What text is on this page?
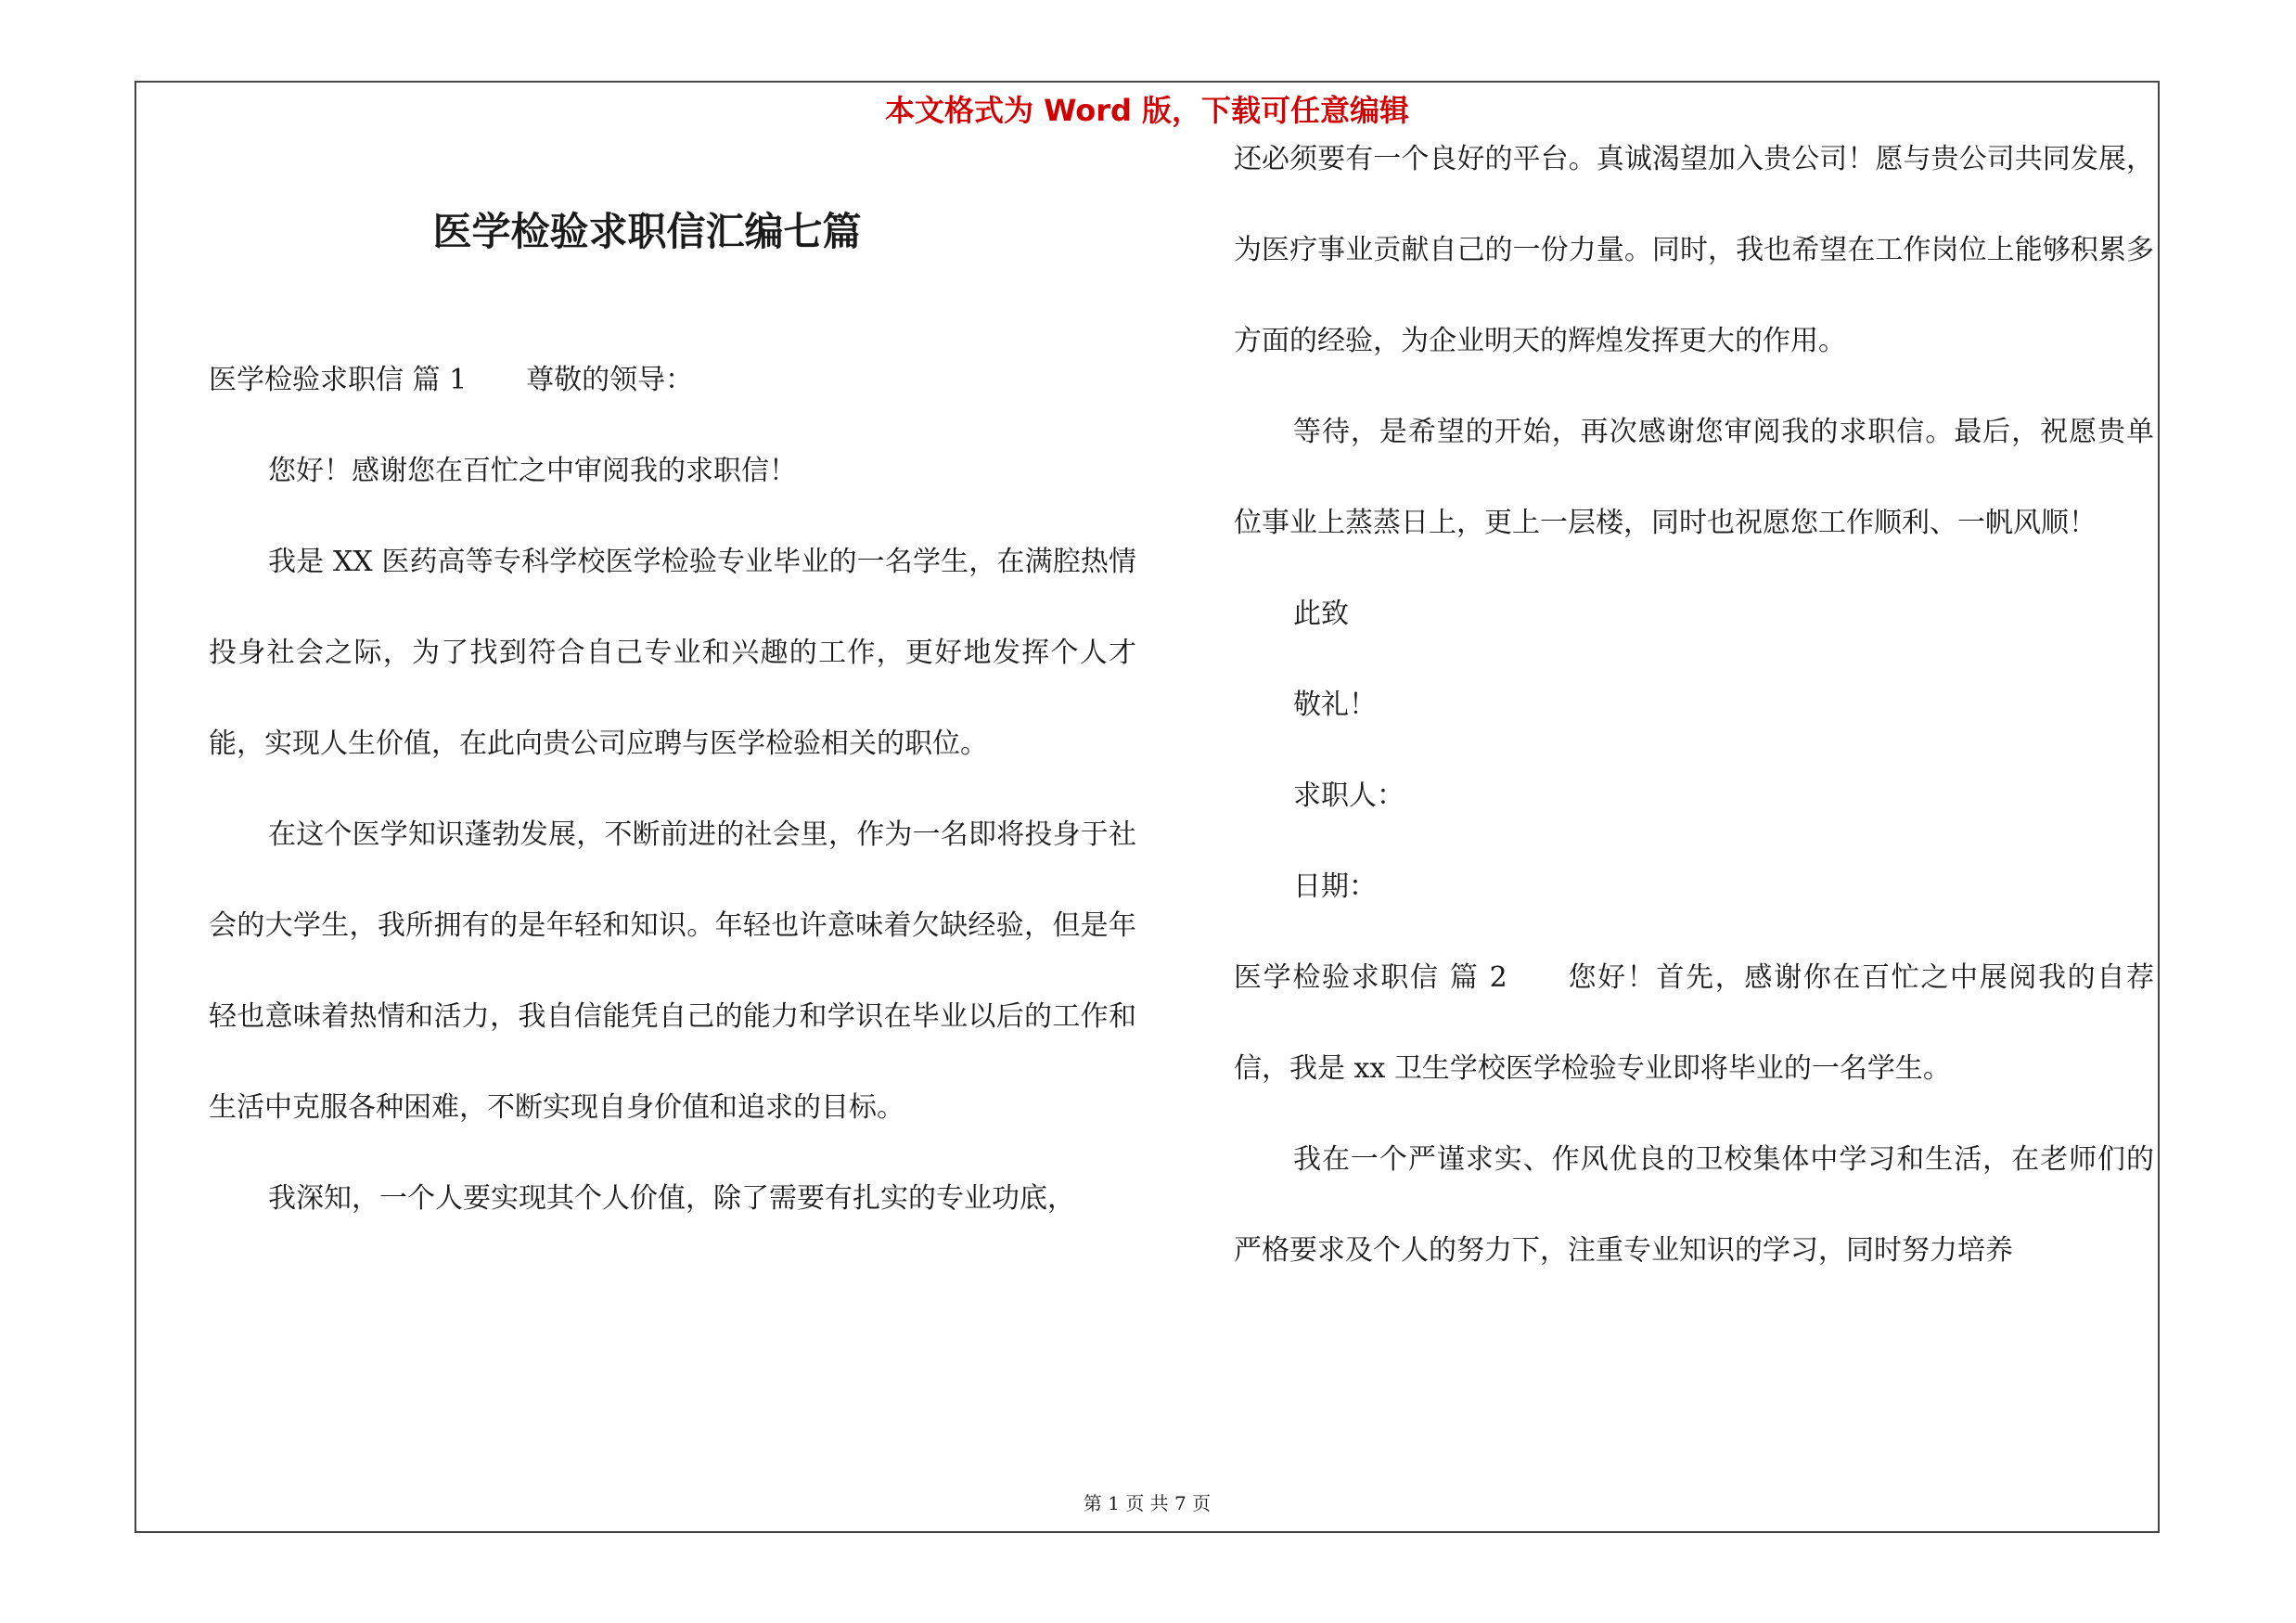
本文格式为 Word 版，下载可任意编辑
医学检验求职信汇编七篇

医学检验求职信 篇 1 尊敬的领导：

您好！感谢您在百忙之中审阅我的求职信！

我是 XX 医药高等专科学校医学检验专业毕业的一名学生，在满腔热情投身社会之际，为了找到符合自己专业和兴趣的工作，更好地发挥个人才能，实现人生价值，在此向贵公司应聘与医学检验相关的职位。

在这个医学知识蓬勃发展，不断前进的社会里，作为一名即将投身于社会的大学生，我所拥有的是年轻和知识。年轻也许意味着欠缺经验，但是年轻也意味着热情和活力，我自信能凭自己的能力和学识在毕业以后的工作和生活中克服各种困难，不断实现自身价值和追求的目标。

我深知，一个人要实现其个人价值，除了需要有扎实的专业功底，

还必须要有一个良好的平台。真诚渴望加入贵公司！愿与贵公司共同发展，为医疗事业贡献自己的一份力量。同时，我也希望在工作岗位上能够积累多方面的经验，为企业明天的辉煌发挥更大的作用。

等待，是希望的开始，再次感谢您审阅我的求职信。最后，祝愿贵单位事业上蒸蒸日上，更上一层楼，同时也祝愿您工作顺利、一帆风顺！

此致

敬礼！

求职人：

日期：

医学检验求职信 篇 2 您好！首先，感谢你在百忙之中展阅我的自荐信，我是 xx 卫生学校医学检验专业即将毕业的一名学生。

我在一个严谨求实、作风优良的卫校集体中学习和生活，在老师们的严格要求及个人的努力下，注重专业知识的学习，同时努力培养

第 1 页 共 7 页
